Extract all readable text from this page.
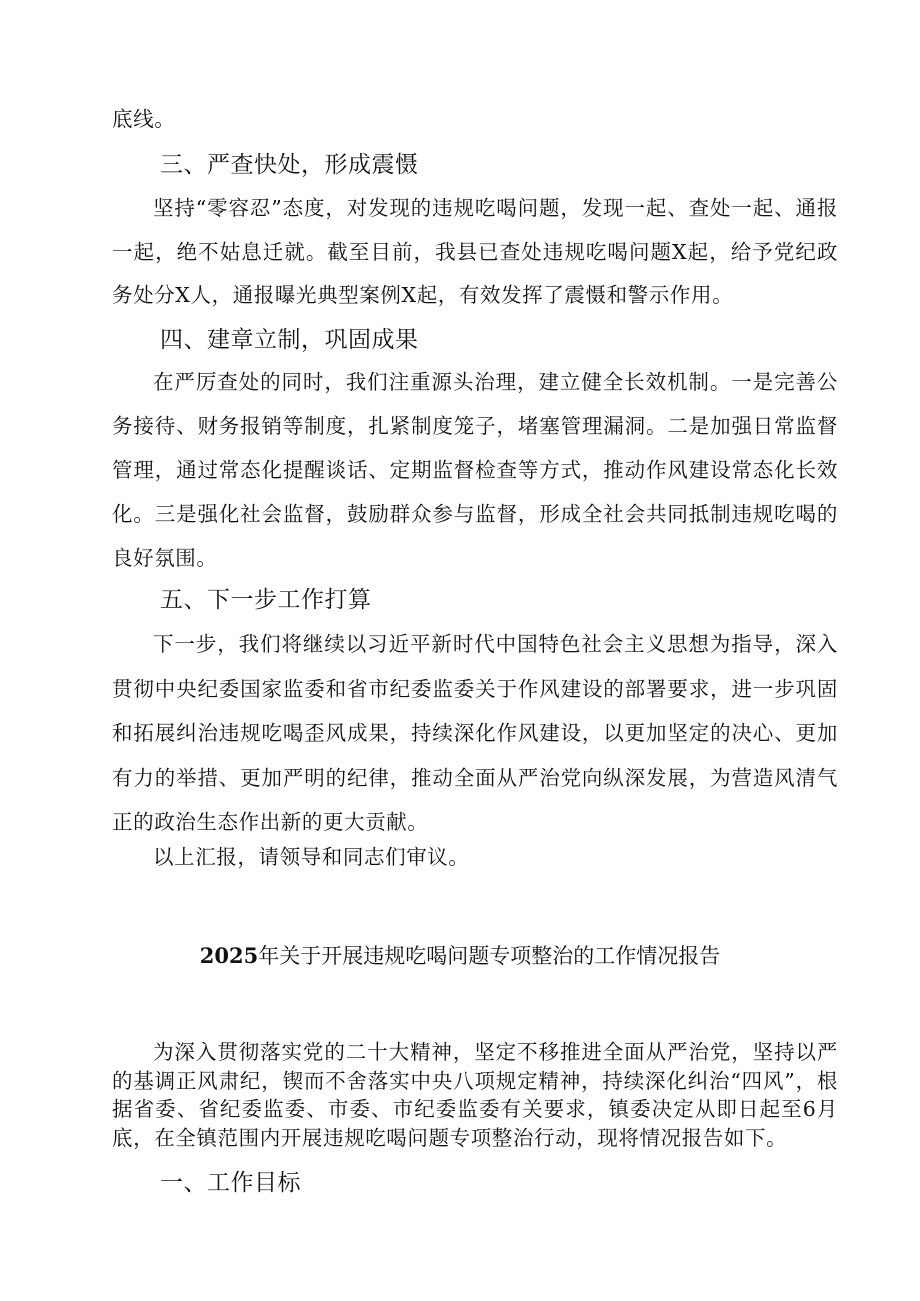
底线。

三、严查快处，形成震慑

坚持“零容忍”态度，对发现的违规吃喝问题，发现一起、查处一起、通报一起，绝不姑息迁就。截至目前，我县已查处违规吃喝问题X起，给予党纪政务处分X人，通报曝光典型案例X起，有效发挥了震慑和警示作用。

四、建章立制，巩固成果

在严厉查处的同时，我们注重源头治理，建立健全长效机制。一是完善公务接待、财务报销等制度，扎紧制度笼子，堵塞管理漏洞。二是加强日常监督管理，通过常态化提醒谈话、定期监督检查等方式，推动作风建设常态化长效化。三是强化社会监督，鼓励群众参与监督，形成全社会共同抵制违规吃喝的良好氛围。

五、下一步工作打算

下一步，我们将继续以习近平新时代中国特色社会主义思想为指导，深入贯彻中央纪委国家监委和省市纪委监委关于作风建设的部署要求，进一步巩固和拓展纠治违规吃喝歪风成果，持续深化作风建设，以更加坚定的决心、更加有力的举措、更加严明的纪律，推动全面从严治党向纵深发展，为营造风清气正的政治生态作出新的更大贡献。

以上汇报，请领导和同志们审议。

2025年关于开展违规吃喝问题专项整治的工作情况报告

为深入贯彻落实党的二十大精神，坚定不移推进全面从严治党，坚持以严的基调正风肃纪，锲而不舍落实中央八项规定精神，持续深化纠治“四风”，根据省委、省纪委监委、市委、市纪委监委有关要求，镇委决定从即日起至6月底，在全镇范围内开展违规吃喝问题专项整治行动，现将情况报告如下。

一、工作目标
